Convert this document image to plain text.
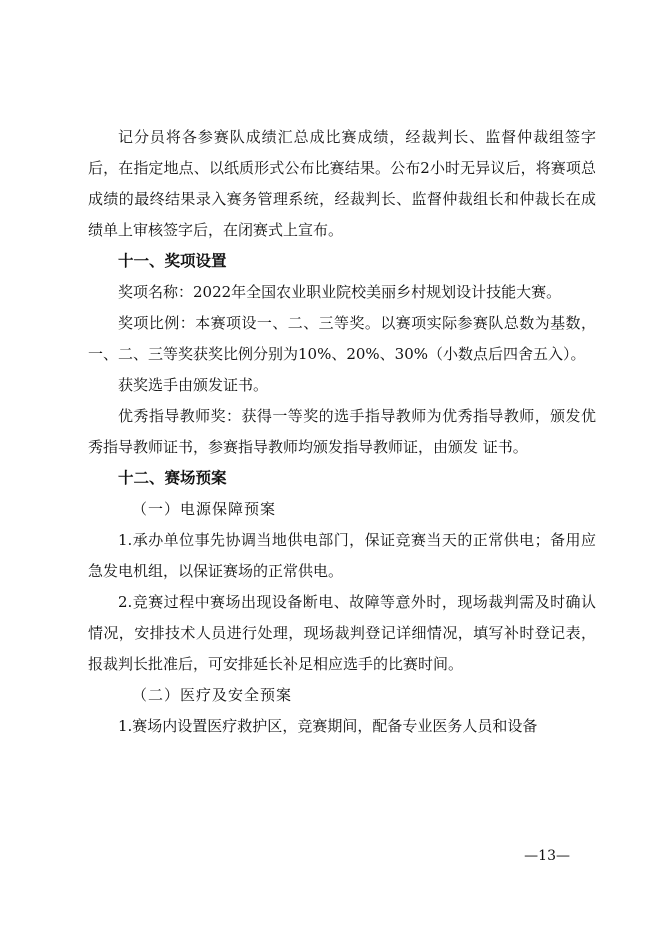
记分员将各参赛队成绩汇总成比赛成绩，经裁判长、监督仲裁组签字后，在指定地点、以纸质形式公布比赛结果。公布2小时无异议后，将赛项总成绩的最终结果录入赛务管理系统，经裁判长、监督仲裁组长和仲裁长在成绩单上审核签字后，在闭赛式上宣布。

十一、奖项设置

奖项名称：2022年全国农业职业院校美丽乡村规划设计技能大赛。

奖项比例：本赛项设一、二、三等奖。以赛项实际参赛队总数为基数，一、二、三等奖获奖比例分别为10%、20%、30%（小数点后四舍五入）。

获奖选手由颁发证书。

优秀指导教师奖：获得一等奖的选手指导教师为优秀指导教师，颁发优秀指导教师证书，参赛指导教师均颁发指导教师证，由颁发 证书。

十二、赛场预案

（一）电源保障预案

1.承办单位事先协调当地供电部门，保证竞赛当天的正常供电；备用应急发电机组，以保证赛场的正常供电。

2.竞赛过程中赛场出现设备断电、故障等意外时，现场裁判需及时确认情况，安排技术人员进行处理，现场裁判登记详细情况，填写补时登记表，报裁判长批准后，可安排延长补足相应选手的比赛时间。

（二）医疗及安全预案

1.赛场内设置医疗救护区，竞赛期间，配备专业医务人员和设备

—13—
